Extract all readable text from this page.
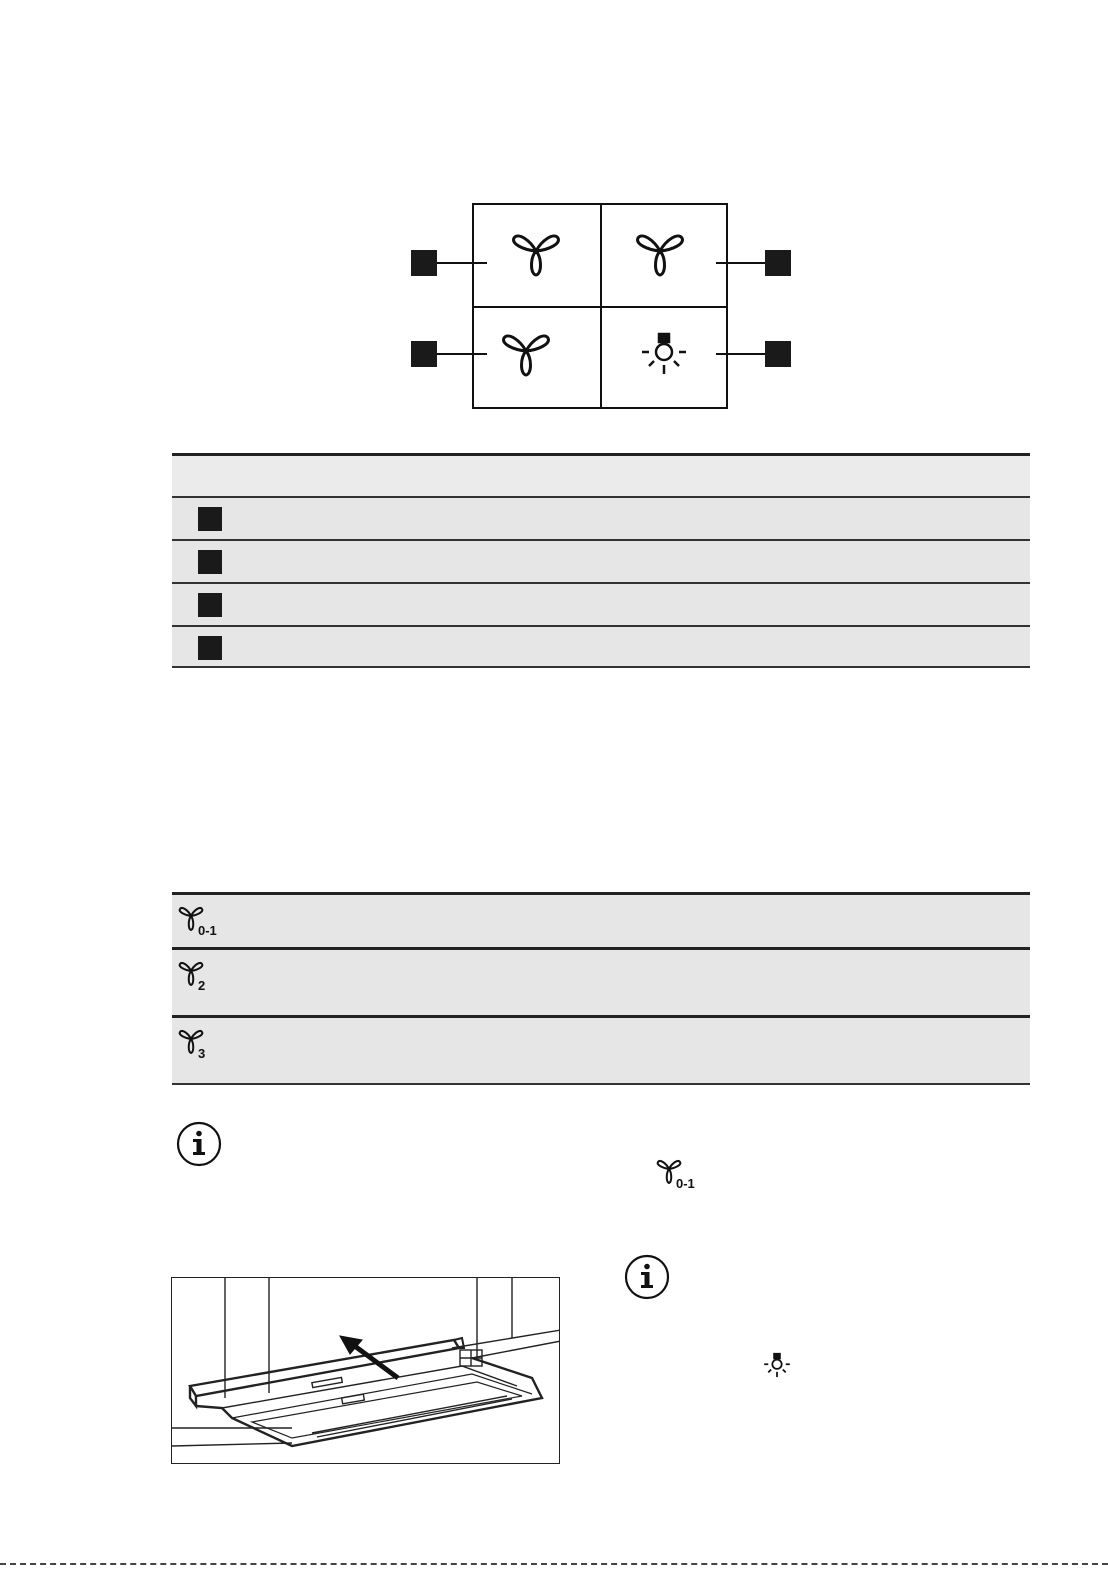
0-1
2
3
0-1
